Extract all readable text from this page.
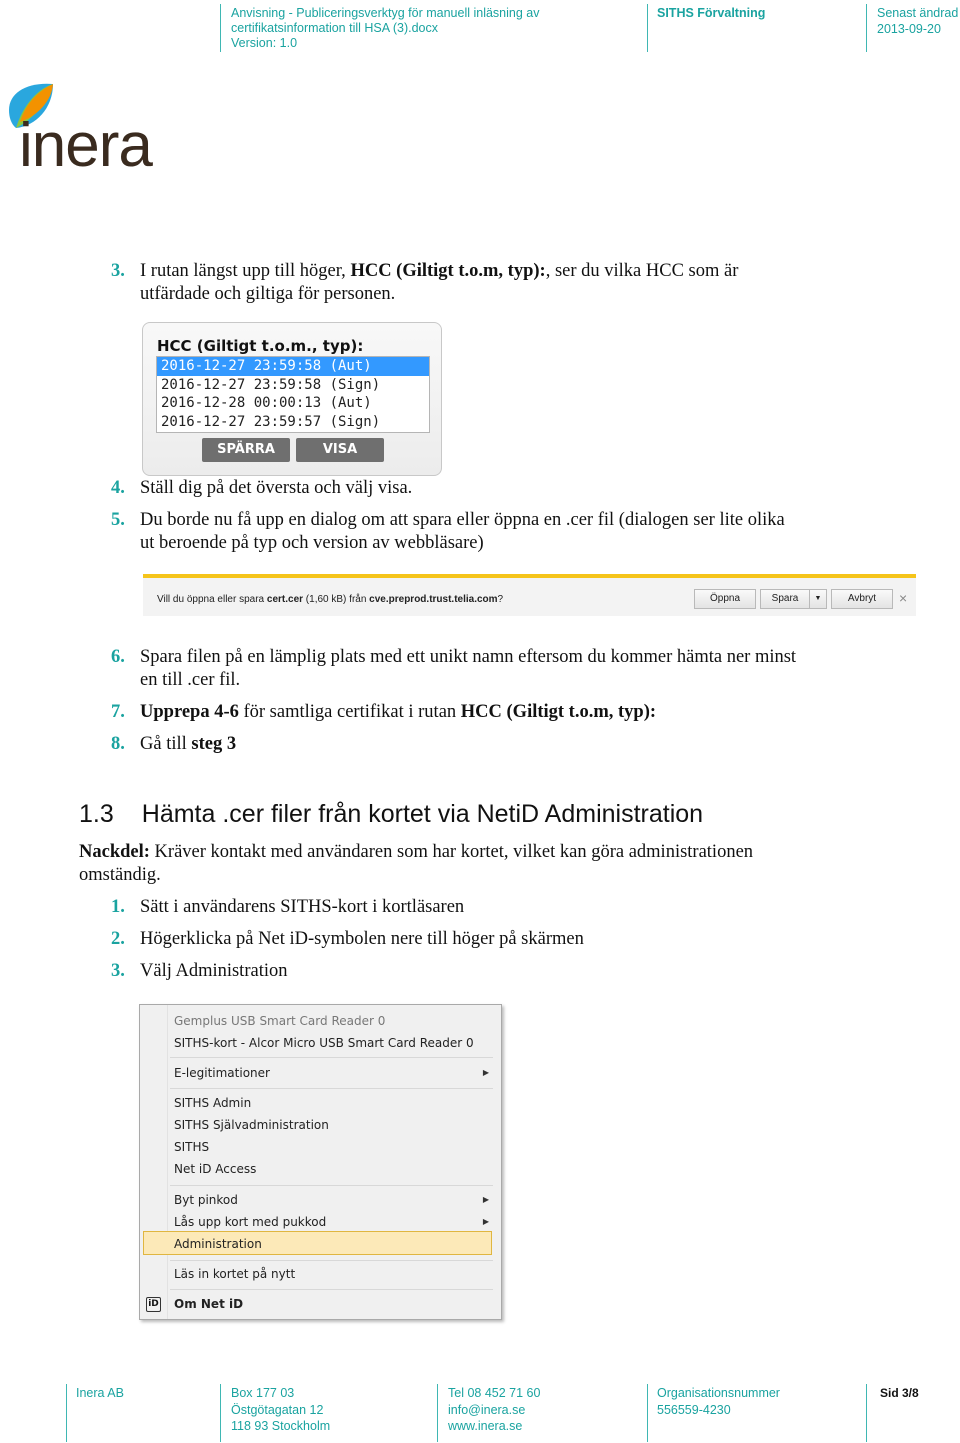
Anvisning - Publiceringsverktyg för manuell inläsning av
certifikatsinformation till HSA (3).docx
Version: 1.0
SITHS Förvaltning	Senast ändrad
2013-09-20
inera
3. I rutan längst upp till höger, HCC (Giltigt t.o.m, typ):, ser du vilka HCC som är
utfärdade och giltiga för personen.
HCC (Giltigt t.o.m., typ):
2016-12-27 23:59:58 (Aut)
2016-12-27 23:59:58 (Sign)
2016-12-28 00:00:13 (Aut)
2016-12-27 23:59:57 (Sign)
SPÄRRA	VISA
4. Ställ dig på det översta och välj visa.
5. Du borde nu få upp en dialog om att spara eller öppna en .cer fil (dialogen ser lite olika
ut beroende på typ och version av webbläsare)
Vill du öppna eller spara cert.cer (1,60 kB) från cve.preprod.trust.telia.com?	Öppna	Spara	▼	Avbryt	×
6. Spara filen på en lämplig plats med ett unikt namn eftersom du kommer hämta ner minst
en till .cer fil.
7. Upprepa 4-6 för samtliga certifikat i rutan HCC (Giltigt t.o.m, typ):
8. Gå till steg 3
1.3 Hämta .cer filer från kortet via NetiD Administration
Nackdel: Kräver kontakt med användaren som har kortet, vilket kan göra administrationen
omständig.
1. Sätt i användarens SITHS-kort i kortläsaren
2. Högerklicka på Net iD-symbolen nere till höger på skärmen
3. Välj Administration
Gemplus USB Smart Card Reader 0
SITHS-kort - Alcor Micro USB Smart Card Reader 0
E-legitimationer	▶
SITHS Admin
SITHS Självadministration
SITHS
Net iD Access
Byt pinkod	▶
Lås upp kort med pukkod	▶
Administration
Läs in kortet på nytt
iD Om Net iD
Inera AB	Box 177 03
Östgötagatan 12
118 93 Stockholm
Tel 08 452 71 60
info@inera.se
www.inera.se
Organisationsnummer
556559-4230
Sid 3/8
